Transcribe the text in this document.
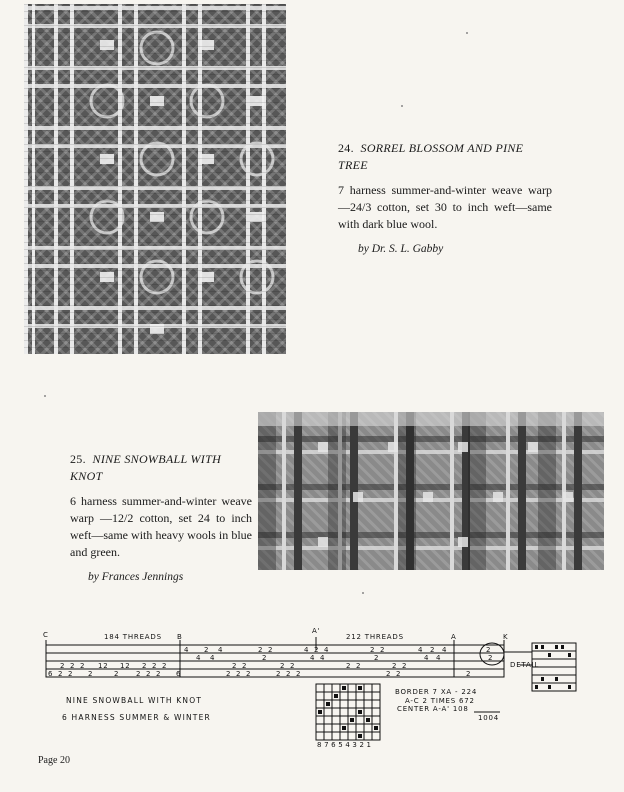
24. SORREL BLOSSOM AND PINE TREE
7 harness summer-and-winter weave warp—24/3 cotton, set 30 to inch weft—same with dark blue wool.
by Dr. S. L. Gabby
25. NINE SNOWBALL WITH KNOT
6 harness summer-and-winter weave warp —12/2 cotton, set 24 to inch weft—same with heavy wools in blue and green.
by Frances Jennings
C	B
A'
A	K
184 THREADS	212 THREADS
DETAIL
4 2 4	2 2	4 2 4	2 2	4 2 4	2
4 4	2	4 4	2	4 4	2
2 2 2 12 12 2 2 2	2 2	2 2	2 2	2 2
6 2 2 2	2 2 2 2	2 2 2	2 2 2	2 2	2
6
NINE SNOWBALL WITH KNOT
6 HARNESS SUMMER & WINTER
BORDER 7 XA - 224
A-C 2 TIMES 672
CENTER A-A' 108
1004
8 7 6 5 4 3 2 1
Page 20
